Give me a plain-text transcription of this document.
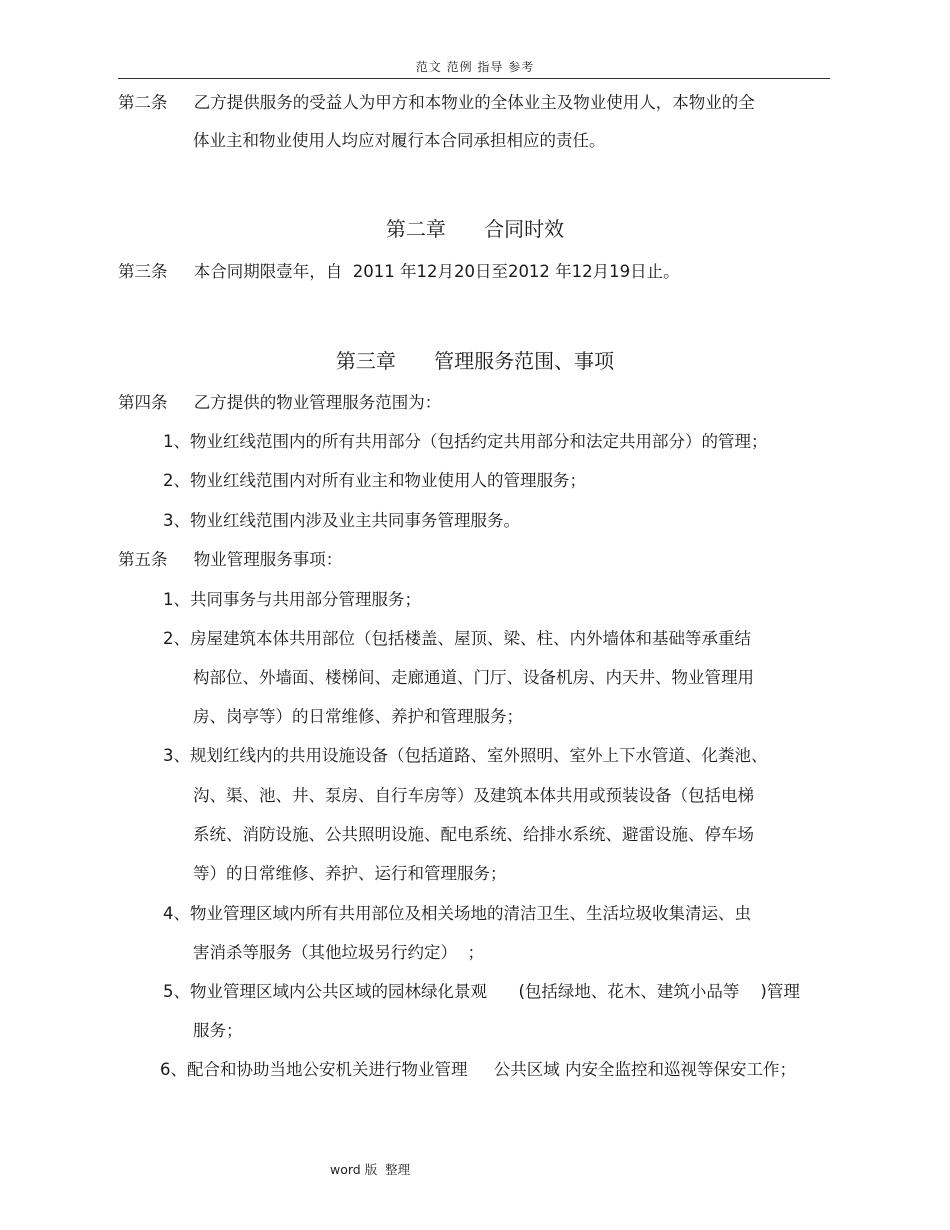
范文 范例 指导 参考
第二条     乙方提供服务的受益人为甲方和本物业的全体业主及物业使用人，本物业的全
体业主和物业使用人均应对履行本合同承担相应的责任。
第二章      合同时效
第三条     本合同期限壹年，自  2011 年12月20日至2012 年12月19日止。
第三章      管理服务范围、事项
第四条     乙方提供的物业管理服务范围为：
1、物业红线范围内的所有共用部分（包括约定共用部分和法定共用部分）的管理；
2、物业红线范围内对所有业主和物业使用人的管理服务；
3、物业红线范围内涉及业主共同事务管理服务。
第五条     物业管理服务事项：
1、共同事务与共用部分管理服务；
2、房屋建筑本体共用部位（包括楼盖、屋顶、梁、柱、内外墙体和基础等承重结
构部位、外墙面、楼梯间、走廊通道、门厅、设备机房、内天井、物业管理用
房、岗亭等）的日常维修、养护和管理服务；
3、规划红线内的共用设施设备（包括道路、室外照明、室外上下水管道、化粪池、
沟、渠、池、井、泵房、自行车房等）及建筑本体共用或预装设备（包括电梯
系统、消防设施、公共照明设施、配电系统、给排水系统、避雷设施、停车场
等）的日常维修、养护、运行和管理服务；
4、物业管理区域内所有共用部位及相关场地的清洁卫生、生活垃圾收集清运、虫
害消杀等服务（其他垃圾另行约定）  ；
5、物业管理区域内公共区域的园林绿化景观      (包括绿地、花木、建筑小品等    )管理
服务；
6、配合和协助当地公安机关进行物业管理     公共区域 内安全监控和巡视等保安工作；
word 版  整理
